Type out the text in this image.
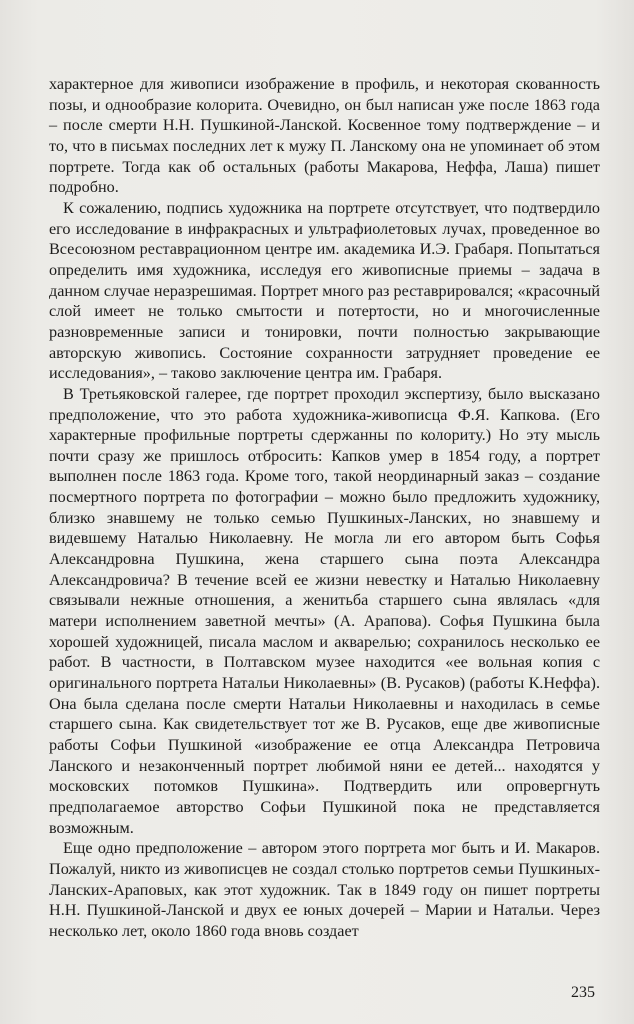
характерное для живописи изображение в профиль, и некоторая скованность позы, и однообразие колорита. Очевидно, он был написан уже после 1863 года – после смерти Н.Н. Пушкиной-Ланской. Косвенное тому подтверждение – и то, что в письмах последних лет к мужу П. Ланскому она не упоминает об этом портрете. Тогда как об остальных (работы Макарова, Неффа, Лаша) пишет подробно.

К сожалению, подпись художника на портрете отсутствует, что подтвердило его исследование в инфракрасных и ультрафиолетовых лучах, проведенное во Всесоюзном реставрационном центре им. академика И.Э. Грабаря. Попытаться определить имя художника, исследуя его живописные приемы – задача в данном случае неразрешимая. Портрет много раз реставрировался; «красочный слой имеет не только смытости и потертости, но и многочисленные разновременные записи и тонировки, почти полностью закрывающие авторскую живопись. Состояние сохранности затрудняет проведение ее исследования», – таково заключение центра им. Грабаря.

В Третьяковской галерее, где портрет проходил экспертизу, было высказано предположение, что это работа художника-живописца Ф.Я. Капкова. (Его характерные профильные портреты сдержанны по колориту.) Но эту мысль почти сразу же пришлось отбросить: Капков умер в 1854 году, а портрет выполнен после 1863 года. Кроме того, такой неординарный заказ – создание посмертного портрета по фотографии – можно было предложить художнику, близко знавшему не только семью Пушкиных-Ланских, но знавшему и видевшему Наталью Николаевну. Не могла ли его автором быть Софья Александровна Пушкина, жена старшего сына поэта Александра Александровича? В течение всей ее жизни невестку и Наталью Николаевну связывали нежные отношения, а женитьба старшего сына являлась «для матери исполнением заветной мечты» (А. Арапова). Софья Пушкина была хорошей художницей, писала маслом и акварелью; сохранилось несколько ее работ. В частности, в Полтавском музее находится «ее вольная копия с оригинального портрета Натальи Николаевны» (В. Русаков) (работы К.Неффа). Она была сделана после смерти Натальи Николаевны и находилась в семье старшего сына. Как свидетельствует тот же В. Русаков, еще две живописные работы Софьи Пушкиной «изображение ее отца Александра Петровича Ланского и незаконченный портрет любимой няни ее детей... находятся у московских потомков Пушкина». Подтвердить или опровергнуть предполагаемое авторство Софьи Пушкиной пока не представляется возможным.

Еще одно предположение – автором этого портрета мог быть и И. Макаров. Пожалуй, никто из живописцев не создал столько портретов семьи Пушкиных-Ланских-Араповых, как этот художник. Так в 1849 году он пишет портреты Н.Н. Пушкиной-Ланской и двух ее юных дочерей – Марии и Натальи. Через несколько лет, около 1860 года вновь создает

235
